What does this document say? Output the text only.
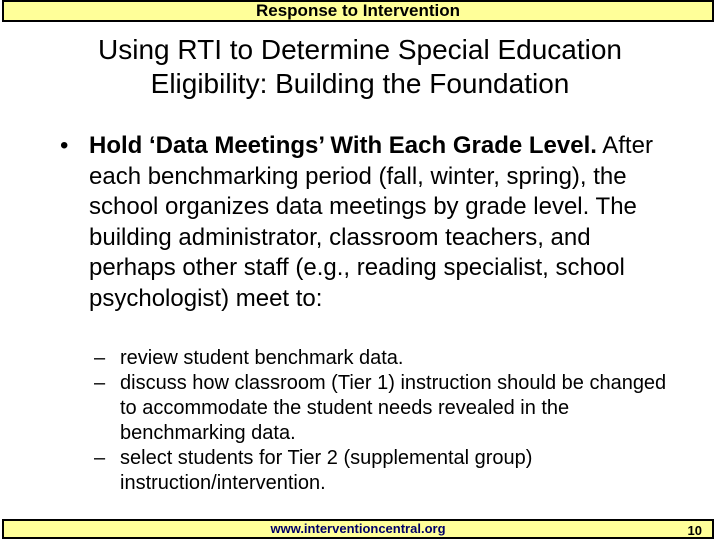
Response to Intervention
Using RTI to Determine Special Education
Eligibility: Building the Foundation
• Hold ‘Data Meetings’ With Each Grade Level. After each benchmarking period (fall, winter, spring), the school organizes data meetings by grade level. The building administrator, classroom teachers, and perhaps other staff (e.g., reading specialist, school psychologist) meet to:
– review student benchmark data.
– discuss how classroom (Tier 1) instruction should be changed to accommodate the student needs revealed in the benchmarking data.
– select students for Tier 2 (supplemental group) instruction/intervention.
www.interventioncentral.org	10
